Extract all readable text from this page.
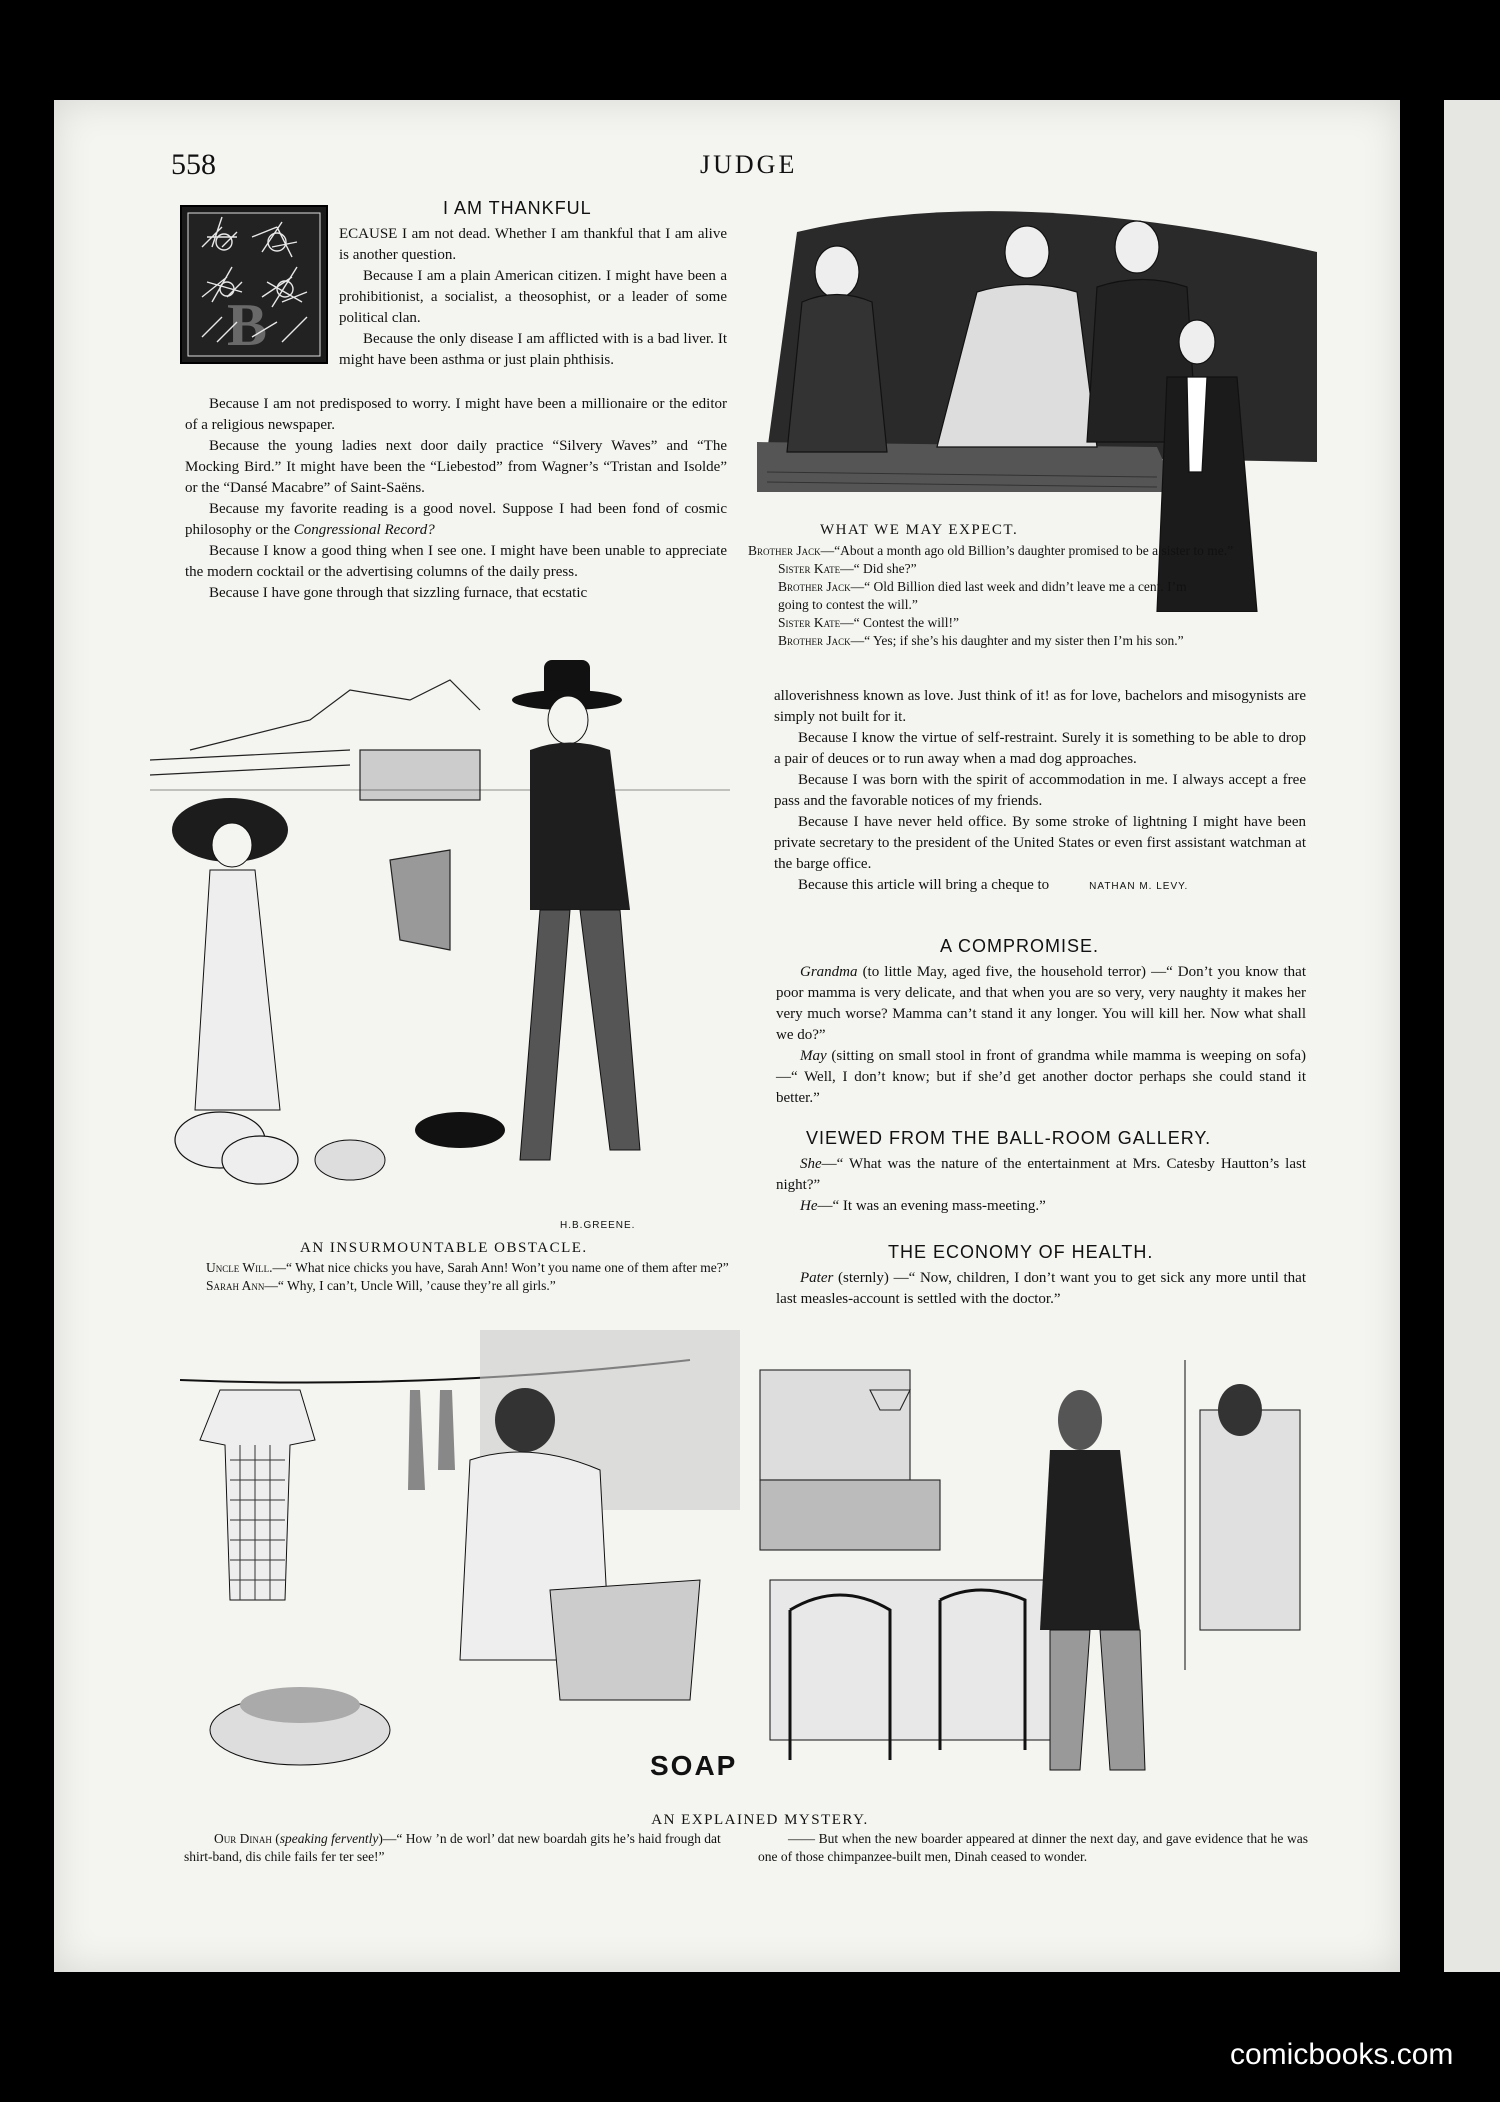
558	JUDGE
I AM THANKFUL
B

ECAUSE I am not dead. Whether I am thankful that I am alive is another question.

Because I am a plain American citizen. I might have been a prohibitionist, a socialist, a theosophist, or a leader of some political clan.

Because the only disease I am afflicted with is a bad liver. It might have been asthma or just plain phthisis.

Because I am not predisposed to worry. I might have been a millionaire or the editor of a religious newspaper.

Because the young ladies next door daily practice “Silvery Waves” and “The Mocking Bird.” It might have been the “Liebestod” from Wagner’s “Tristan and Isolde” or the “Dansé Macabre” of Saint-Saëns.

Because my favorite reading is a good novel. Suppose I had been fond of cosmic philosophy or the Congressional Record?

Because I know a good thing when I see one. I might have been unable to appreciate the modern cocktail or the advertising columns of the daily press.

Because I have gone through that sizzling furnace, that ecstatic

WHAT WE MAY EXPECT.
Brother Jack—“About a month ago old Billion’s daughter promised to be a sister to me.”
Sister Kate—“ Did she?”
Brother Jack—“ Old Billion died last week and didn’t leave me a cent. I’m going to contest the will.”
Sister Kate—“ Contest the will!”
Brother Jack—“ Yes; if she’s his daughter and my sister then I’m his son.”
H.B.GREENE.
AN INSURMOUNTABLE OBSTACLE.
Uncle Will.—“ What nice chicks you have, Sarah Ann! Won’t you name one of them after me?”
Sarah Ann—“ Why, I can’t, Uncle Will, ’cause they’re all girls.”

alloverishness known as love. Just think of it! as for love, bachelors and misogynists are simply not built for it.

Because I know the virtue of self-restraint. Surely it is something to be able to drop a pair of deuces or to run away when a mad dog approaches.

Because I was born with the spirit of accommodation in me. I always accept a free pass and the favorable notices of my friends.

Because I have never held office. By some stroke of lightning I might have been private secretary to the president of the United States or even first assistant watchman at the barge office.

Because this article will bring a cheque to	NATHAN M. LEVY.

A COMPROMISE.

Grandma (to little May, aged five, the household terror) —“ Don’t you know that poor mamma is very delicate, and that when you are so very, very naughty it makes her very much worse? Mamma can’t stand it any longer. You will kill her. Now what shall we do?”

May (sitting on small stool in front of grandma while mamma is weeping on sofa) —“ Well, I don’t know; but if she’d get another doctor perhaps she could stand it better.”

VIEWED FROM THE BALL-ROOM GALLERY.

She—“ What was the nature of the entertainment at Mrs. Catesby Hautton’s last night?”

He—“ It was an evening mass-meeting.”

THE ECONOMY OF HEALTH.

Pater (sternly) —“ Now, children, I don’t want you to get sick any more until that last measles-account is settled with the doctor.”

SOAP
AN EXPLAINED MYSTERY.
Our Dinah (speaking fervently)—“ How ’n de worl’ dat new boardah gits he’s haid frough dat shirt-band, dis chile fails fer ter see!”
—— But when the new boarder appeared at dinner the next day, and gave evidence that he was one of those chimpanzee-built men, Dinah ceased to wonder.
comicbooks.com
